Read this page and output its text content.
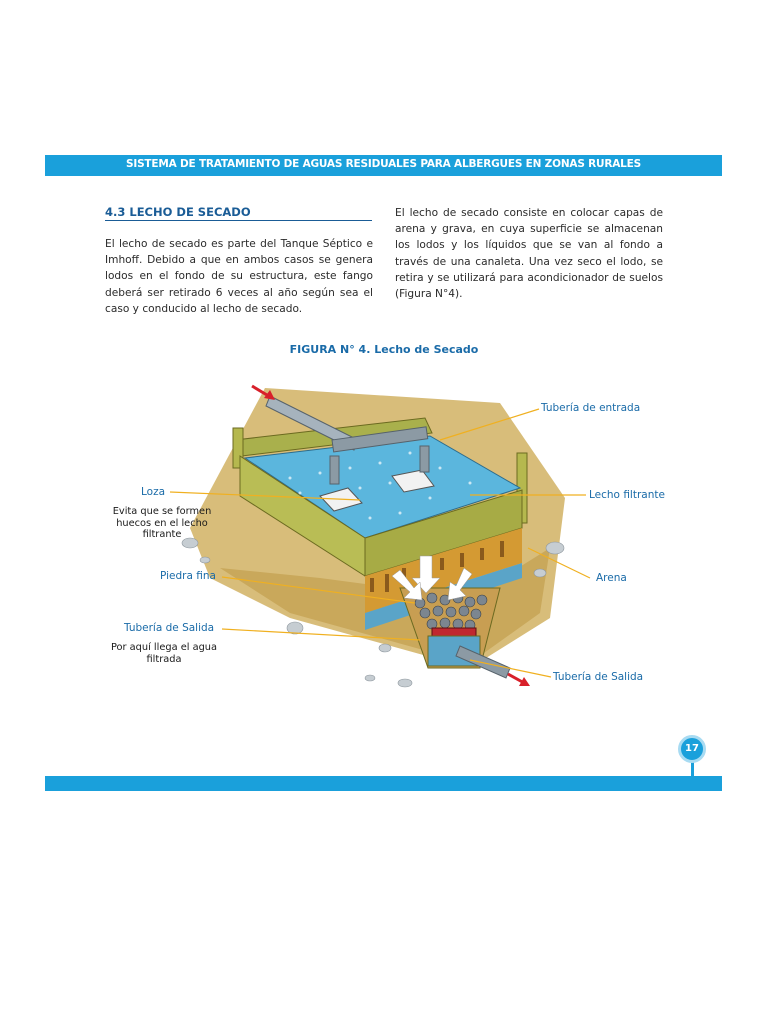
SISTEMA DE TRATAMIENTO DE AGUAS RESIDUALES PARA ALBERGUES EN ZONAS RURALES
4.3 LECHO DE SECADO

El lecho de secado es parte del Tanque Séptico e Imhoff. Debido a que en ambos casos se genera lodos en el fondo de su estructura, este fango deberá ser retirado 6 veces al año según sea el caso y conducido al lecho de secado.

El lecho de secado consiste en colocar capas de arena y grava, en cuya superficie se almacenan los lodos y los líquidos que se van al fondo a través de una canaleta. Una vez seco el lodo, se retira y se utilizará para acondicionador de suelos (Figura N°4).

FIGURA N° 4. Lecho de Secado
Tubería de entrada
Loza
Evita que se formen huecos en el lecho filtrante
Lecho filtrante
Piedra fina	Arena
Tubería de Salida
Por aquí llega el agua filtrada
Tubería de Salida
17
